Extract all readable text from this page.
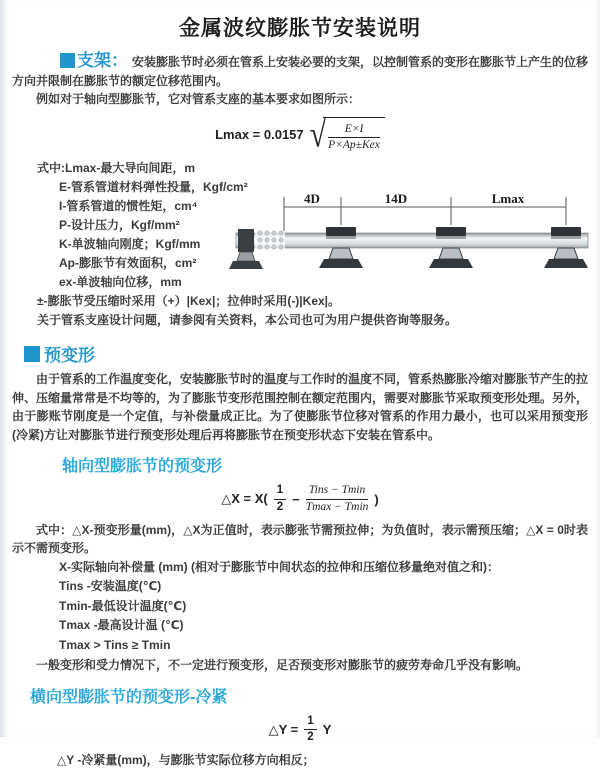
金属波纹膨胀节安装说明

支架： 安装膨胀节时必须在管系上安装必要的支架，以控制管系的变形在膨胀节上产生的位移方向并限制在膨胀节的额定位移范围内。

例如对于轴向型膨胀节，它对管系支座的基本要求如图所示：

Lmax = 0.0157 √ $\frac{E\times I}{\text{P×Ap±Kex}}$
式中:Lmax-最大导向间距，m
E-管系管道材料弹性投量，Kgf/cm²
I-管系管道的惯性矩，cm⁴
P-设计压力，Kgf/mm²
K-单波轴向刚度；Kgf/mm
Ap-膨胀节有效面积，cm²
ex-单波轴向位移，mm
4D	14D	Lmax

±-膨胀节受压缩时采用（+）|Kex|；拉伸时采用(-)|Kex|。

关于管系支座设计问题，请参阅有关资料，本公司也可为用户提供咨询等服务。

预变形

由于管系的工作温度变化，安装膨胀节时的温度与工作时的温度不同，管系热膨胀冷缩对膨胀节产生的拉伸、压缩量常常是不均等的，为了膨胀节变形范围控制在额定范围内，需要对膨胀节采取预变形处理。另外，由于膨账节刚度是一个定值，与补偿量成正比。为了使膨胀节位移对管系的作用力最小，也可以采用预变形(冷紧)方让对膨胀节进行预变形处理后再将膨胀节在预变形状态下安装在管系中。

轴向型膨胀节的预变形
△X = $X( \frac{1}{2} - \frac{\text{Tins − Tmin}}{Tmax - Tmin}$ )

式中：△X-预变形量(mm)，△X为正值时，表示膨张节需预拉伸；为负值时，表示需预压缩；△X = 0时表示不需预变形。

X-实际轴向补偿量 (mm) (相对于膨胀节中间状态的拉伸和压缩位移量绝对值之和)：
Tins -安装温度(℃)
Tmin-最低设计温度(℃)
Tmax -最高设计温 (℃)
Tmax > Tins ≥ Tmin

一般变形和受力情况下，不一定进行预变形，足否预变形对膨胀节的疲劳寿命几乎没有影响。

横向型膨胀节的预变形-冷紧
△Y = $\frac{1}{2}$ Y

△Y -冷紧量(mm)，与膨胀节实际位移方向相反；
